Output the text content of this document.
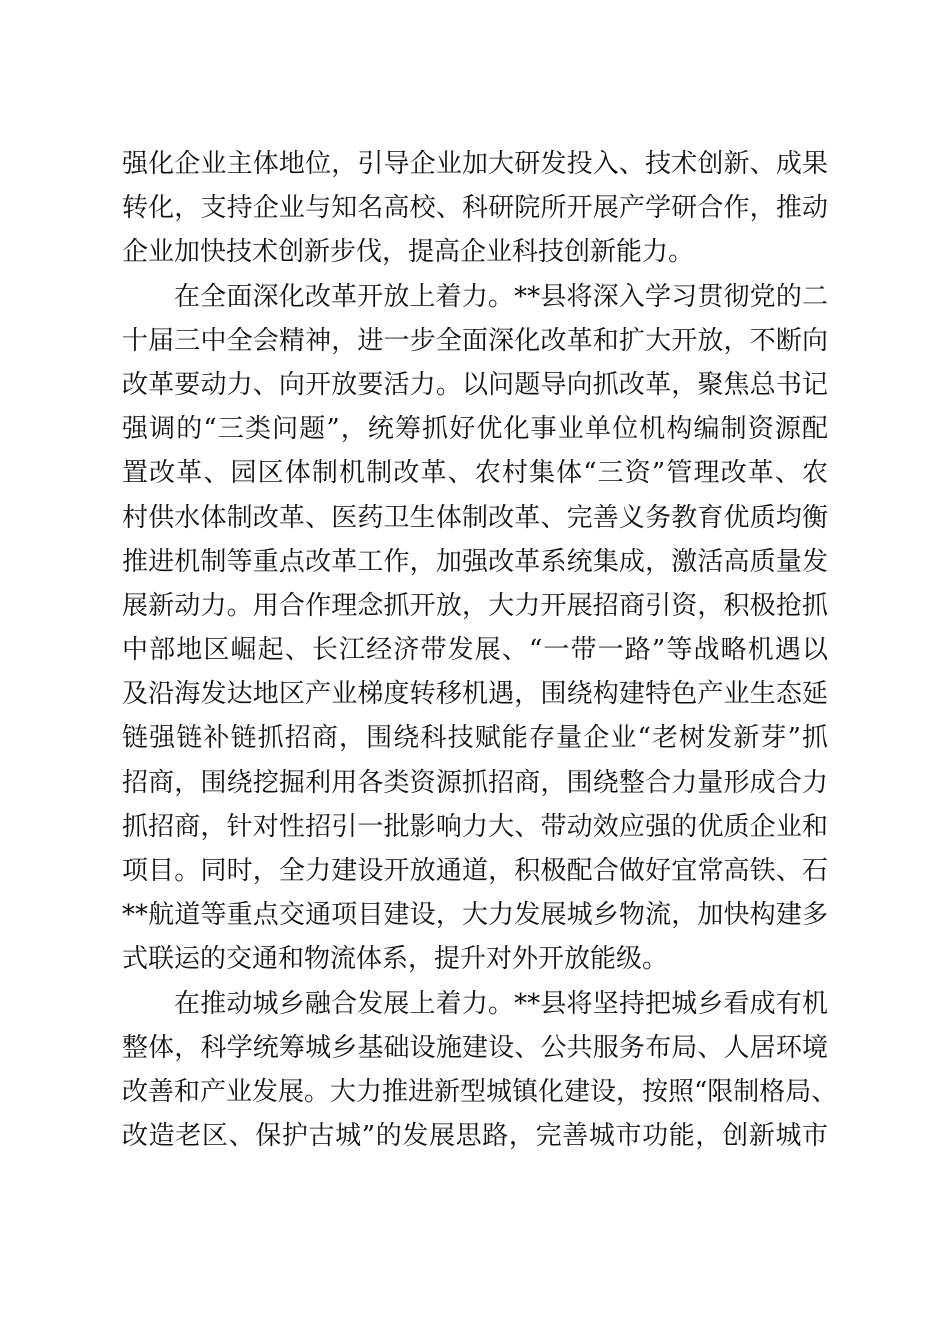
强化企业主体地位，引导企业加大研发投入、技术创新、成果
转化，支持企业与知名高校、科研院所开展产学研合作，推动
企业加快技术创新步伐，提高企业科技创新能力。
在全面深化改革开放上着力。**县将深入学习贯彻党的二
十届三中全会精神，进一步全面深化改革和扩大开放，不断向
改革要动力、向开放要活力。以问题导向抓改革，聚焦总书记
强调的“三类问题”，统筹抓好优化事业单位机构编制资源配
置改革、园区体制机制改革、农村集体“三资”管理改革、农
村供水体制改革、医药卫生体制改革、完善义务教育优质均衡
推进机制等重点改革工作，加强改革系统集成，激活高质量发
展新动力。用合作理念抓开放，大力开展招商引资，积极抢抓
中部地区崛起、长江经济带发展、“一带一路”等战略机遇以
及沿海发达地区产业梯度转移机遇，围绕构建特色产业生态延
链强链补链抓招商，围绕科技赋能存量企业“老树发新芽”抓
招商，围绕挖掘利用各类资源抓招商，围绕整合力量形成合力
抓招商，针对性招引一批影响力大、带动效应强的优质企业和
项目。同时，全力建设开放通道，积极配合做好宜常高铁、石
**航道等重点交通项目建设，大力发展城乡物流，加快构建多
式联运的交通和物流体系，提升对外开放能级。
在推动城乡融合发展上着力。**县将坚持把城乡看成有机
整体，科学统筹城乡基础设施建设、公共服务布局、人居环境
改善和产业发展。大力推进新型城镇化建设，按照“限制格局、
改造老区、保护古城”的发展思路，完善城市功能，创新城市
